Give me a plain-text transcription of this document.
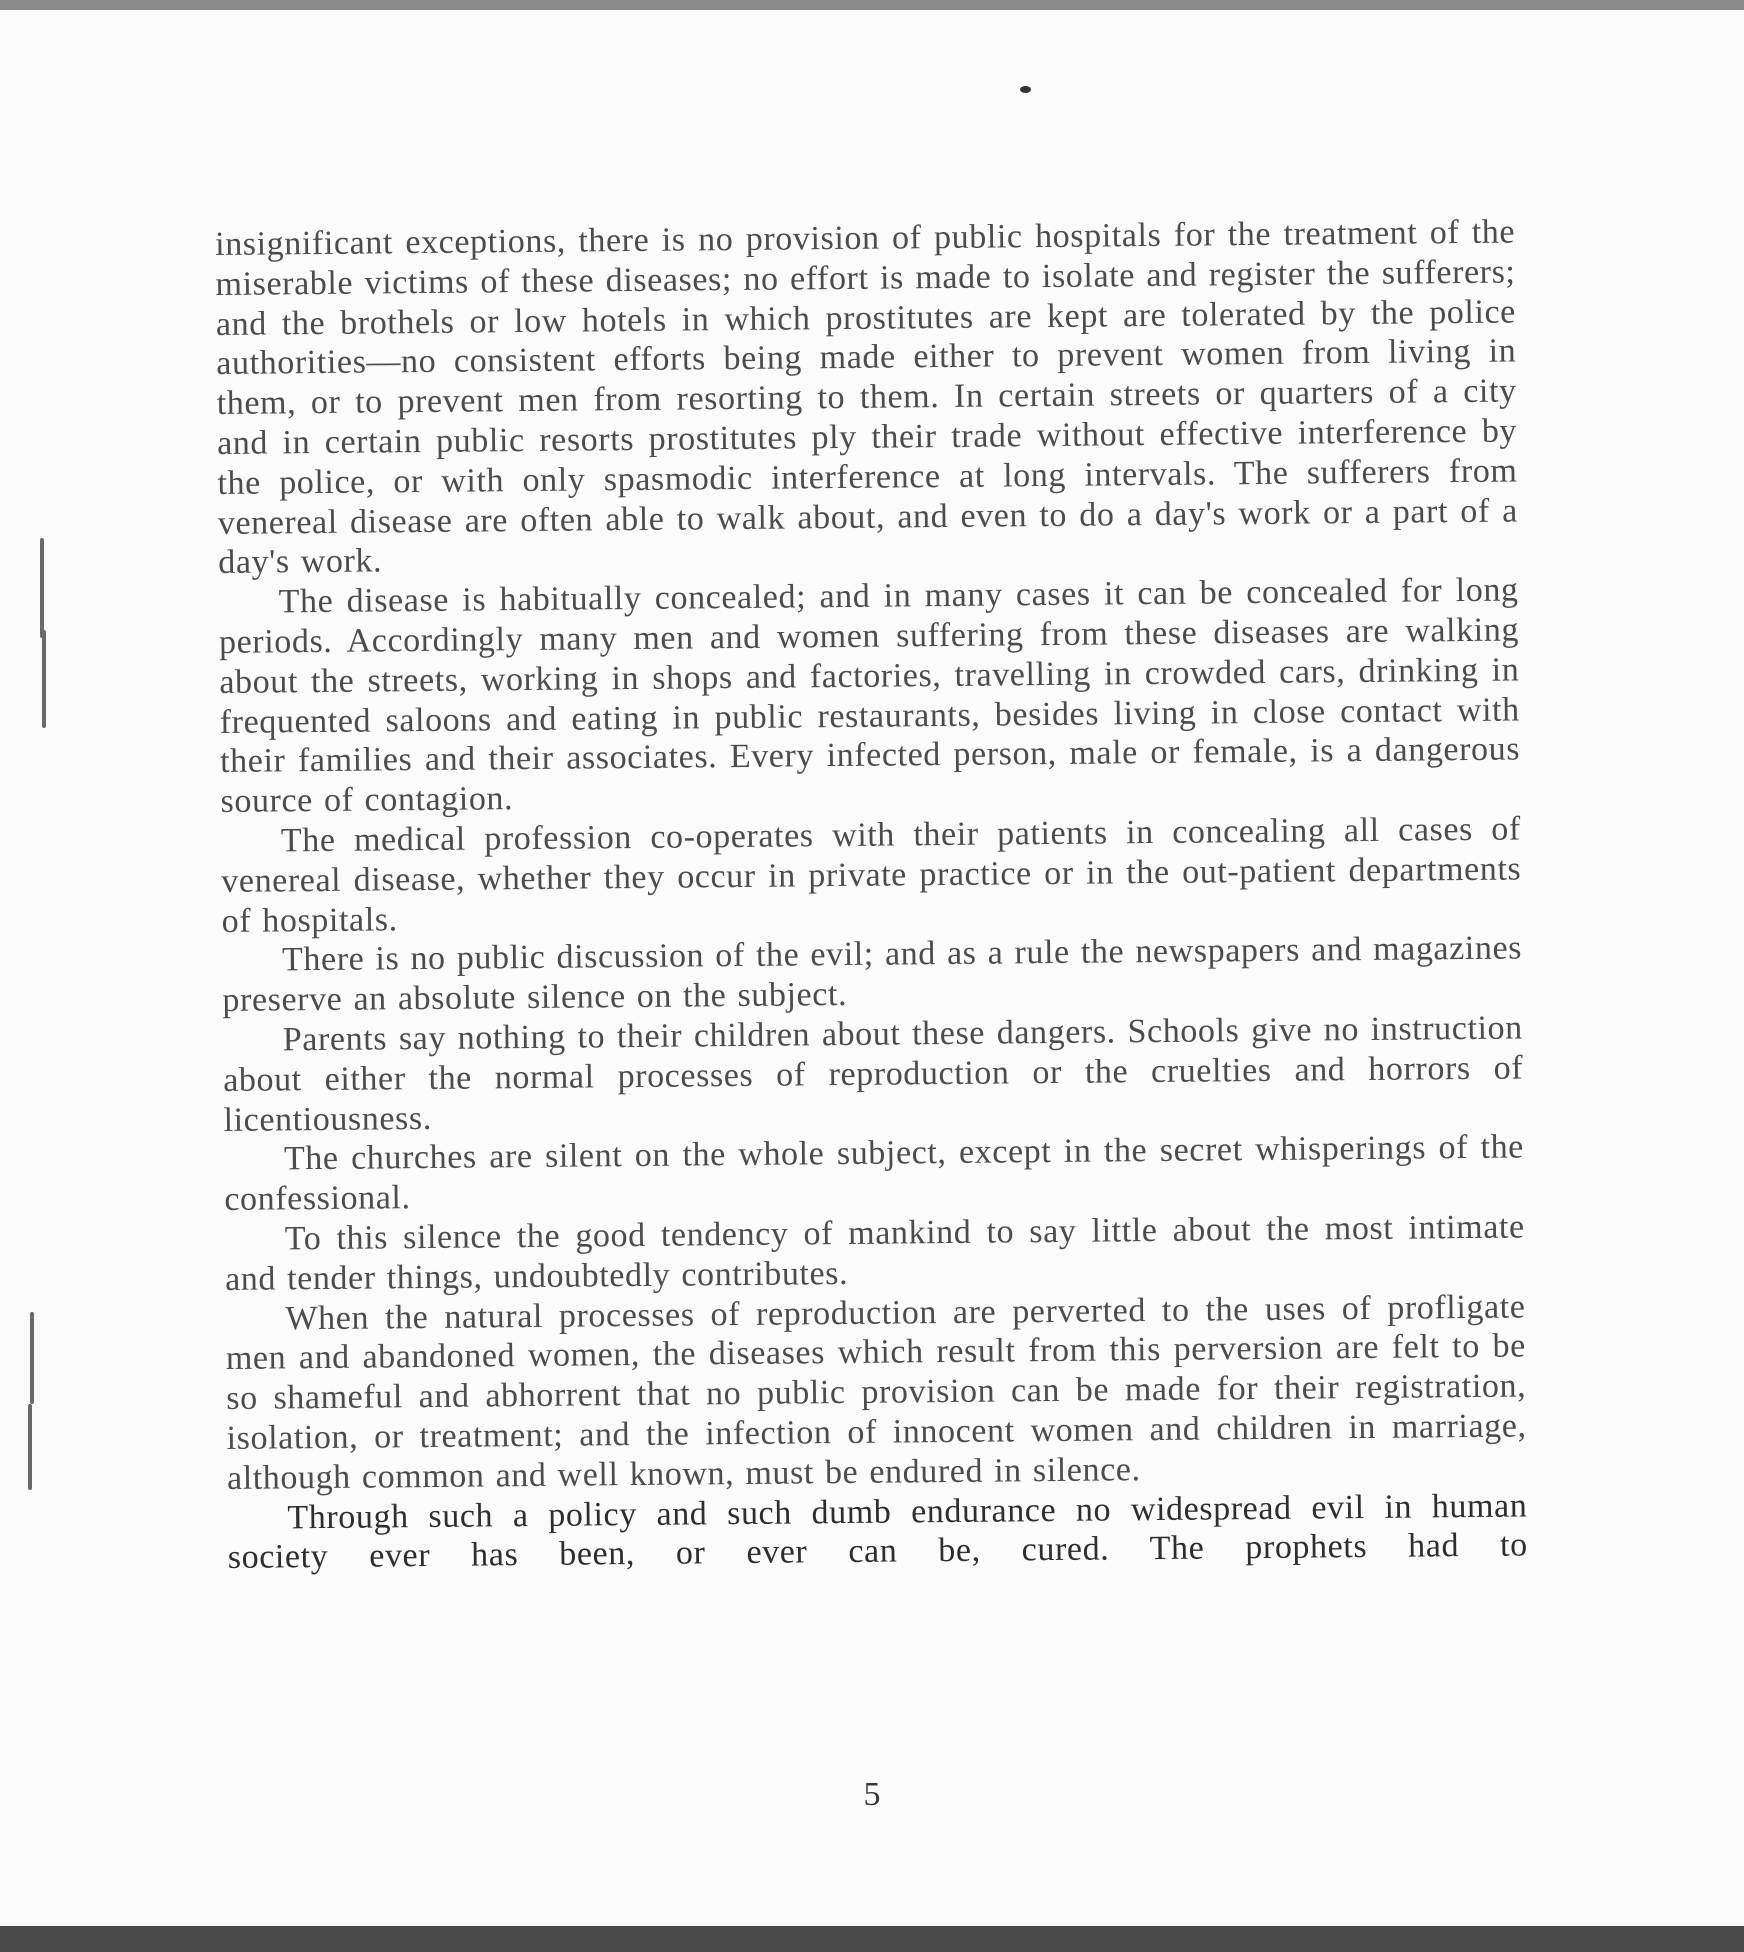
insignificant exceptions, there is no provision of public hospitals for the treatment of the miserable victims of these diseases; no effort is made to isolate and register the sufferers; and the brothels or low hotels in which prostitutes are kept are tolerated by the police authorities—no consistent efforts being made either to prevent women from living in them, or to prevent men from resorting to them. In certain streets or quarters of a city and in certain public resorts prostitutes ply their trade without effective interference by the police, or with only spasmodic interference at long intervals. The sufferers from venereal disease are often able to walk about, and even to do a day's work or a part of a day's work.

The disease is habitually concealed; and in many cases it can be concealed for long periods. Accordingly many men and women suffering from these diseases are walking about the streets, working in shops and factories, travelling in crowded cars, drinking in frequented saloons and eating in public restaurants, besides living in close contact with their families and their associates. Every infected person, male or female, is a dangerous source of contagion.

The medical profession co-operates with their patients in concealing all cases of venereal disease, whether they occur in private practice or in the out-patient departments of hospitals.

There is no public discussion of the evil; and as a rule the newspapers and magazines preserve an absolute silence on the subject.

Parents say nothing to their children about these dangers. Schools give no instruction about either the normal processes of reproduction or the cruelties and horrors of licentiousness.

The churches are silent on the whole subject, except in the secret whisperings of the confessional.

To this silence the good tendency of mankind to say little about the most intimate and tender things, undoubtedly contributes.

When the natural processes of reproduction are perverted to the uses of profligate men and abandoned women, the diseases which result from this perversion are felt to be so shameful and abhorrent that no public provision can be made for their registration, isolation, or treatment; and the infection of innocent women and children in marriage, although common and well known, must be endured in silence.

Through such a policy and such dumb endurance no widespread evil in human society ever has been, or ever can be, cured. The prophets had to

5
